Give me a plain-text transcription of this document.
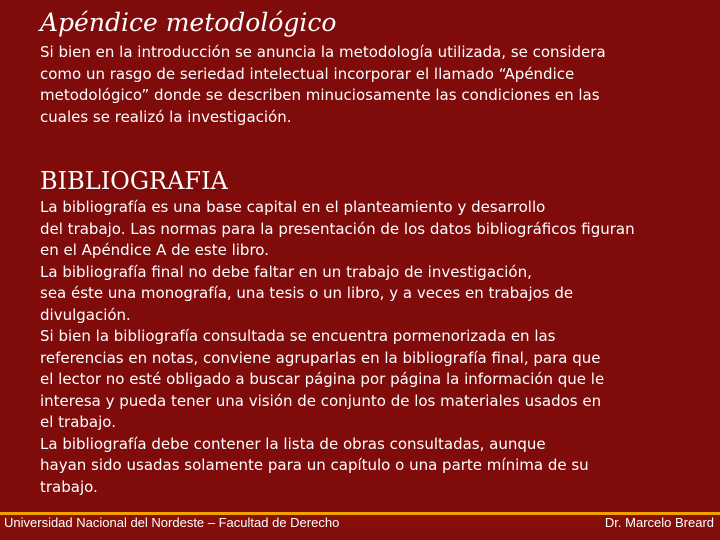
Apéndice metodológico
Si bien en la introducción se anuncia la metodología utilizada, se considera
como un rasgo de seriedad intelectual incorporar el llamado “Apéndice
metodológico” donde se describen minuciosamente las condiciones en las
cuales se realizó la investigación.
BIBLIOGRAFIA
La bibliografía es una base capital en el planteamiento y desarrollo
del trabajo. Las normas para la presentación de los datos bibliográficos figuran
en el Apéndice A de este libro.
La bibliografía final no debe faltar en un trabajo de investigación,
sea éste una monografía, una tesis o un libro, y a veces en trabajos de
divulgación.
Si bien la bibliografía consultada se encuentra pormenorizada en las
referencias en notas, conviene agruparlas en la bibliografía final, para que
el lector no esté obligado a buscar página por página la información que le
interesa y pueda tener una visión de conjunto de los materiales usados en
el trabajo.
La bibliografía debe contener la lista de obras consultadas, aunque
hayan sido usadas solamente para un capítulo o una parte mínima de su
trabajo.
Universidad Nacional del Nordeste – Facultad de Derecho	Dr. Marcelo Breard
